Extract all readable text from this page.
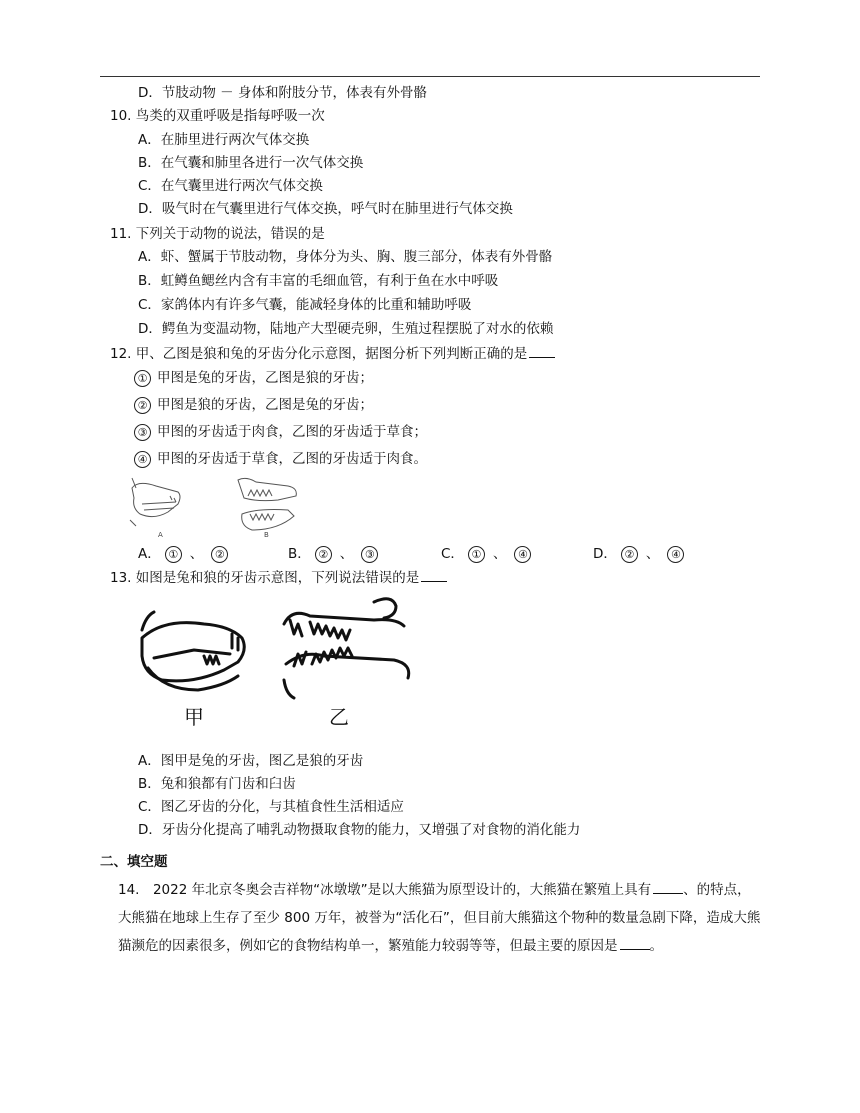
D．节肢动物 － 身体和附肢分节，体表有外骨骼
10. 鸟类的双重呼吸是指每呼吸一次
A．在肺里进行两次气体交换
B．在气囊和肺里各进行一次气体交换
C．在气囊里进行两次气体交换
D．吸气时在气囊里进行气体交换，呼气时在肺里进行气体交换
11. 下列关于动物的说法，错误的是
A．虾、蟹属于节肢动物，身体分为头、胸、腹三部分，体表有外骨骼
B．虹鳟鱼鳃丝内含有丰富的毛细血管，有利于鱼在水中呼吸
C．家鸽体内有许多气囊，能减轻身体的比重和辅助呼吸
D．鳄鱼为变温动物，陆地产大型硬壳卵，生殖过程摆脱了对水的依赖
12. 甲、乙图是狼和兔的牙齿分化示意图，据图分析下列判断正确的是
① 甲图是兔的牙齿，乙图是狼的牙齿；
② 甲图是狼的牙齿，乙图是兔的牙齿；
③ 甲图的牙齿适于肉食，乙图的牙齿适于草食；
④ 甲图的牙齿适于草食，乙图的牙齿适于肉食。
A	B
A． ① 、 ②	B． ② 、 ③	C． ① 、 ④	D． ② 、 ④
13. 如图是兔和狼的牙齿示意图，下列说法错误的是
甲	乙
A．图甲是兔的牙齿，图乙是狼的牙齿
B．兔和狼都有门齿和臼齿
C．图乙牙齿的分化，与其植食性生活相适应
D．牙齿分化提高了哺乳动物摄取食物的能力，又增强了对食物的消化能力
二、填空题
14.　2022 年北京冬奥会吉祥物“冰墩墩”是以大熊猫为原型设计的，大熊猫在繁殖上具有 、的特点，大熊猫在地球上生存了至少 800 万年，被誉为“活化石”，但目前大熊猫这个物种的数量急剧下降，造成大熊猫濒危的因素很多，例如它的食物结构单一，繁殖能力较弱等等，但最主要的原因是 。
